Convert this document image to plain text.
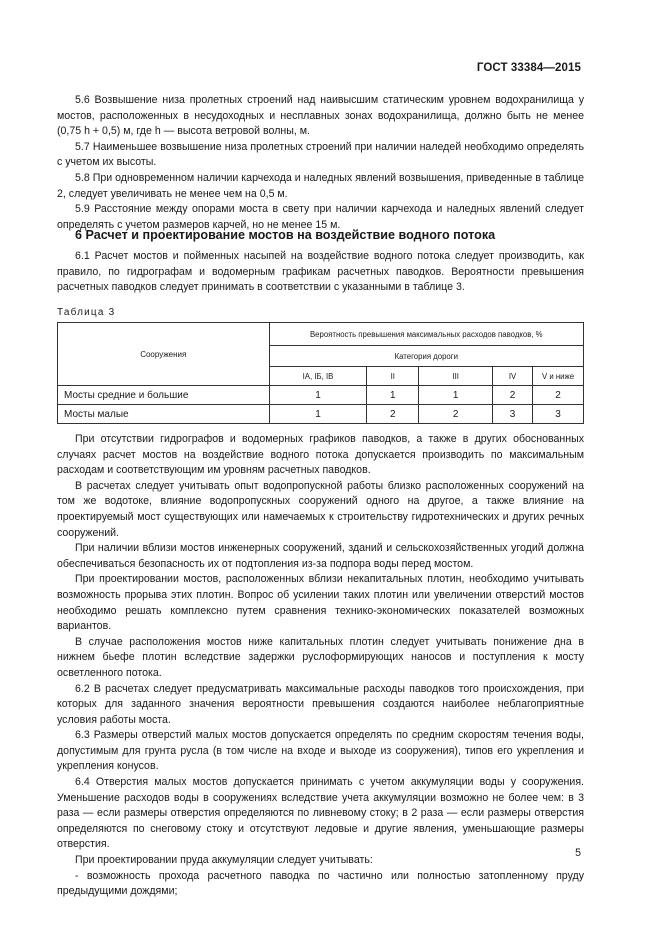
ГОСТ 33384—2015

5.6 Возвышение низа пролетных строений над наивысшим статическим уровнем водохранилища у мостов, расположенных в несудоходных и несплавных зонах водохранилища, должно быть не менее (0,75 h + 0,5) м, где h — высота ветровой волны, м.

5.7 Наименьшее возвышение низа пролетных строений при наличии наледей необходимо определять с учетом их высоты.

5.8 При одновременном наличии карчехода и наледных явлений возвышения, приведенные в таблице 2, следует увеличивать не менее чем на 0,5 м.

5.9 Расстояние между опорами моста в свету при наличии карчехода и наледных явлений следует определять с учетом размеров карчей, но не менее 15 м.

6 Расчет и проектирование мостов на воздействие водного потока

6.1 Расчет мостов и пойменных насыпей на воздействие водного потока следует производить, как правило, по гидрографам и водомерным графикам расчетных паводков. Вероятности превышения расчетных паводков следует принимать в соответствии с указанными в таблице 3.

Таблица 3
Сооружения	Вероятность превышения максимальных расходов паводков, %				
	Категория дороги				
	IA, IБ, IB	II	III	IV	V и ниже
Мосты средние и большие	1	1	1	2	2
Мосты малые	1	2	2	3	3

При отсутствии гидрографов и водомерных графиков паводков, а также в других обоснованных случаях расчет мостов на воздействие водного потока допускается производить по максимальным расходам и соответствующим им уровням расчетных паводков.

В расчетах следует учитывать опыт водопропускной работы близко расположенных сооружений на том же водотоке, влияние водопропускных сооружений одного на другое, а также влияние на проектируемый мост существующих или намечаемых к строительству гидротехнических и других речных сооружений.

При наличии вблизи мостов инженерных сооружений, зданий и сельскохозяйственных угодий должна обеспечиваться безопасность их от подтопления из-за подпора воды перед мостом.

При проектировании мостов, расположенных вблизи некапитальных плотин, необходимо учитывать возможность прорыва этих плотин. Вопрос об усилении таких плотин или увеличении отверстий мостов необходимо решать комплексно путем сравнения технико-экономических показателей возможных вариантов.

В случае расположения мостов ниже капитальных плотин следует учитывать понижение дна в нижнем бьефе плотин вследствие задержки руслоформирующих наносов и поступления к мосту осветленного потока.

6.2 В расчетах следует предусматривать максимальные расходы паводков того происхождения, при которых для заданного значения вероятности превышения создаются наиболее неблагоприятные условия работы моста.

6.3 Размеры отверстий малых мостов допускается определять по средним скоростям течения воды, допустимым для грунта русла (в том числе на входе и выходе из сооружения), типов его укрепления и укрепления конусов.

6.4 Отверстия малых мостов допускается принимать с учетом аккумуляции воды у сооружения. Уменьшение расходов воды в сооружениях вследствие учета аккумуляции возможно не более чем: в 3 раза — если размеры отверстия определяются по ливневому стоку; в 2 раза — если размеры отверстия определяются по снеговому стоку и отсутствуют ледовые и другие явления, уменьшающие размеры отверстия.

При проектировании пруда аккумуляции следует учитывать:

- возможность прохода расчетного паводка по частично или полностью затопленному пруду предыдущими дождями;

5
